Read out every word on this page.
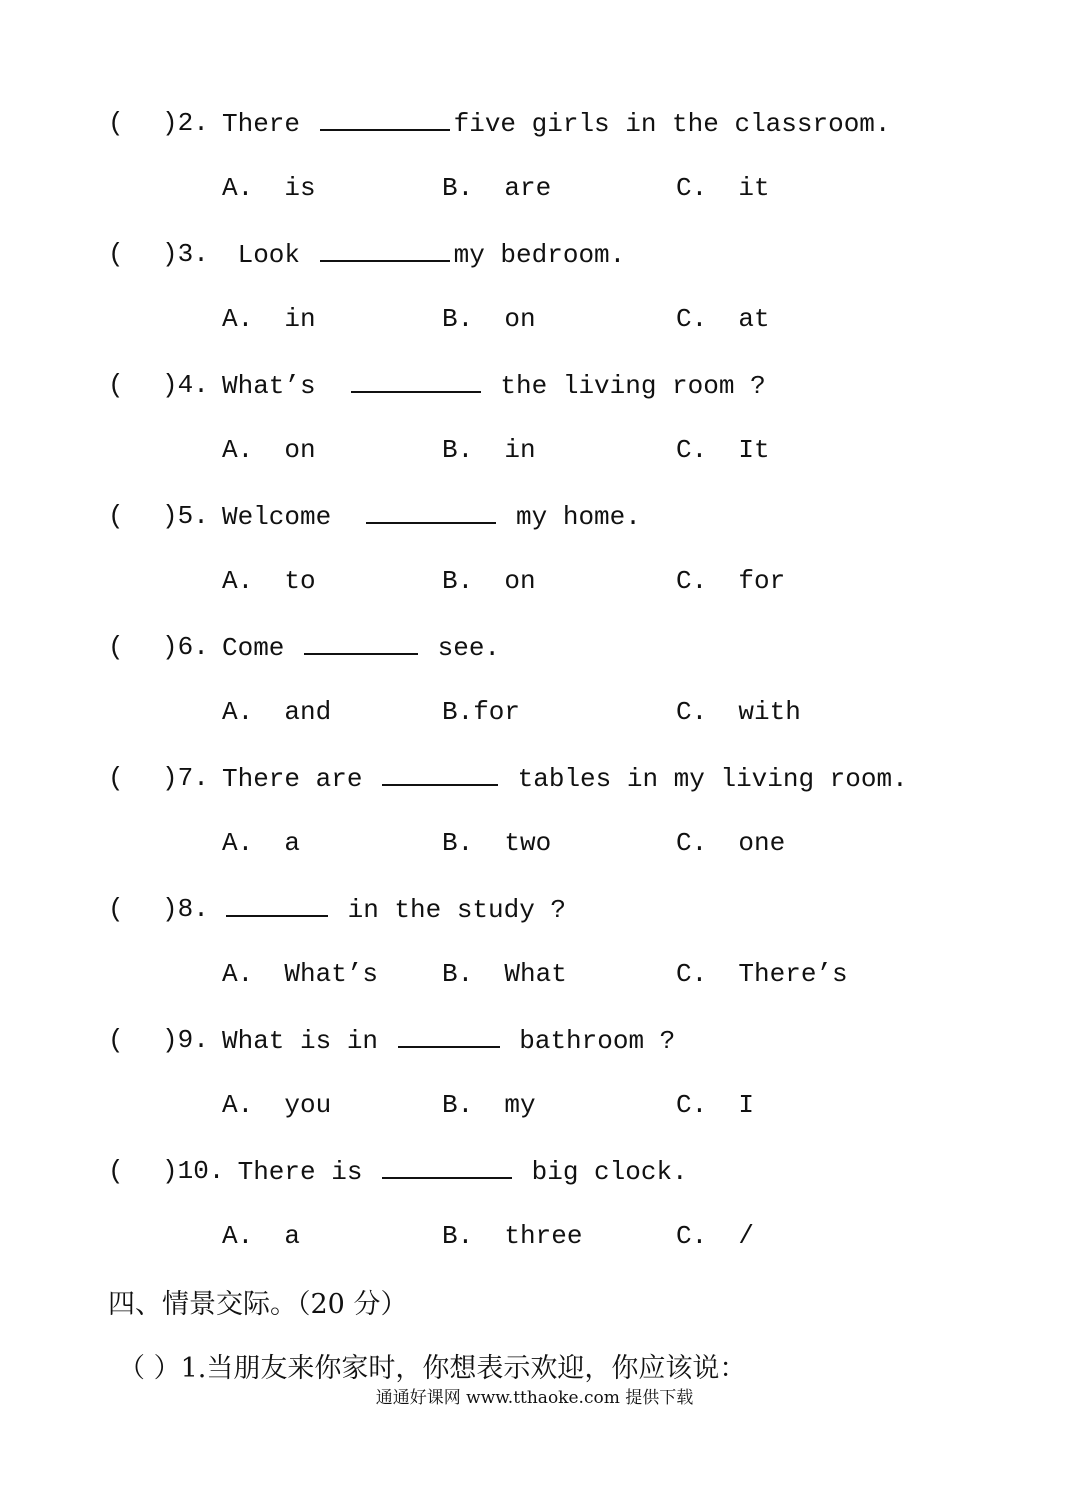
( )2. There	five girls in the classroom.
A.  is	B.  are	C.  it
( )3. Look	my bedroom.
A.  in	B.  on	C.  at
( )4. What’s	the living room ?
A.  on	B.  in	C.  It
( )5. Welcome	my home.
A.  to	B.  on	C.  for
( )6. Come	see.
A.  and	B.for	C.  with
( )7. There are	tables in my living room.
A.  a	B.  two	C.  one
( )8.	in the study ?
A.  What’s B.  What	C.  There’s
( )9. What is in	bathroom ?
A.  you	B.  my	C.  I
( )10.
There is	big clock.
A.  a	B.  three	C.  /
四、情景交际。（20 分）
（ ）1.当朋友来你家时，你想表示欢迎，你应该说：
通通好课网 www.tthaoke.com 提供下载
